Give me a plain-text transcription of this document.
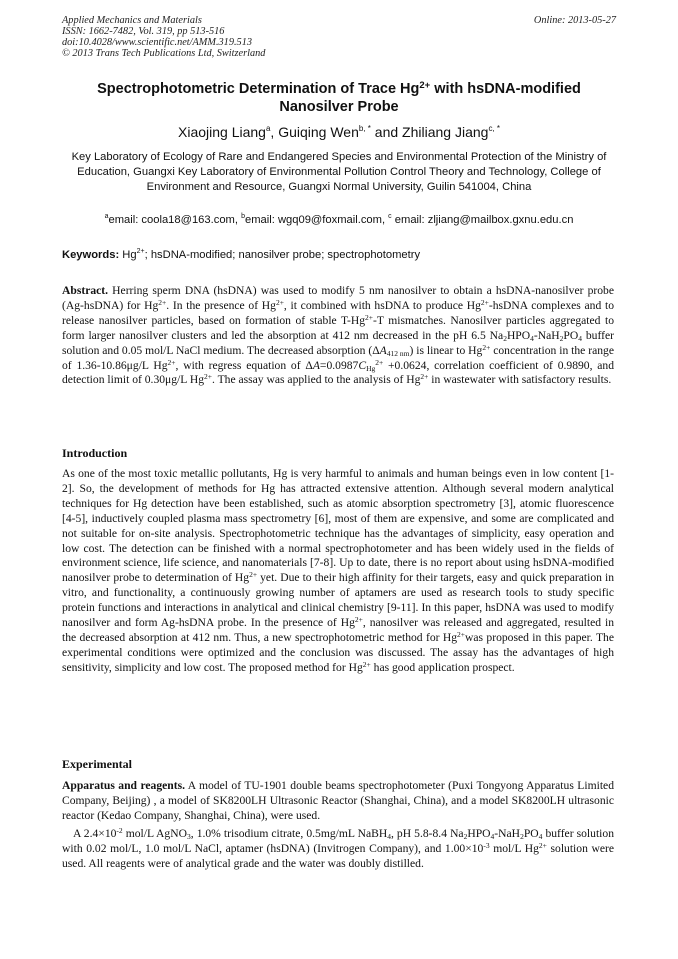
Applied Mechanics and Materials
ISSN: 1662-7482, Vol. 319, pp 513-516
doi:10.4028/www.scientific.net/AMM.319.513
© 2013 Trans Tech Publications Ltd, Switzerland
Online: 2013-05-27
Spectrophotometric Determination of Trace $Hg^{2+}$ with hsDNA-modified
Nanosilver Probe
Xiaojing Liang$^a$, Guiqing Wen$^{b, *}$ and Zhiliang Jiang$^{c, *}$
Key Laboratory of Ecology of Rare and Endangered Species and Environmental Protection of the Ministry of Education, Guangxi Key Laboratory of Environmental Pollution Control Theory and Technology, College of Environment and Resource, Guangxi Normal University, Guilin 541004, China
$^a$email: coola18@163.com, $^b$email: wgq09@foxmail.com, $^c$ email: zljiang@mailbox.gxnu.edu.cn
Keywords: $Hg^{2+}$; hsDNA-modified; nanosilver probe; spectrophotometry
Abstract. Herring sperm DNA (hsDNA) was used to modify 5 nm nanosilver to obtain a hsDNA-nanosilver probe (Ag-hsDNA) for $Hg^{2+}$. In the presence of $Hg^{2+}$, it combined with hsDNA to produce $Hg^{2+}$-hsDNA complexes and to release nanosilver particles, based on formation of stable $T-Hg^{2+}-T$ mismatches. Nanosilver particles aggregated to form larger nanosilver clusters and led the absorption at 412 nm decreased in the pH 6.5 $Na_2HPO_4-NaH_2PO_4$ buffer solution and 0.05 mol/L NaCl medium. The decreased absorption $(\Delta A_{412 nm})$ is linear to $Hg^{2+}$ concentration in the range of 1.36-10.86μg/L $Hg^{2+}$, with regress equation of $\Delta A=0.0987C_{Hg}^{2+} +0.0624$, correlation coefficient of 0.9890, and detection limit of 0.30μg/L $Hg^{2+}$. The assay was applied to the analysis of $Hg^{2+}$ in wastewater with satisfactory results.
Introduction
As one of the most toxic metallic pollutants, Hg is very harmful to animals and human beings even in low content [1-2]. So, the development of methods for Hg has attracted extensive attention. Although several modern analytical techniques for Hg detection have been established, such as atomic absorption spectrometry [3], atomic fluorescence [4-5], inductively coupled plasma mass spectrometry [6], most of them are expensive, and some are complicated and not suitable for on-site analysis. Spectrophotometric technique has the advantages of simplicity, easy operation and low cost. The detection can be finished with a normal spectrophotometer and has been widely used in the fields of environment science, life science, and nanomaterials [7-8]. Up to date, there is no report about using hsDNA-modified nanosilver probe to determination of $Hg^{2+}$ yet. Due to their high affinity for their targets, easy and quick preparation in vitro, and functionality, a continuously growing number of aptamers are used as research tools to study specific protein functions and interactions in analytical and clinical chemistry [9-11]. In this paper, hsDNA was used to modify nanosilver and form Ag-hsDNA probe. In the presence of $Hg^{2+}$, nanosilver was released and aggregated, resulted in the decreased absorption at 412 nm. Thus, a new spectrophotometric method for $Hg^{2+}was$ proposed in this paper. The experimental conditions were optimized and the conclusion was discussed. The assay has the advantages of high sensitivity, simplicity and low cost. The proposed method for $Hg^{2+}$ has good application prospect.
Experimental
Apparatus and reagents. A model of TU-1901 double beams spectrophotometer (Puxi Tongyong Apparatus Limited Company, Beijing) , a model of SK8200LH Ultrasonic Reactor (Shanghai, China), and a model SK8200LH ultrasonic reactor (Kedao Company, Shanghai, China), were used.
A $2.4\times 10^{-2}$ mol/L AgNO$_3$, 1.0% trisodium citrate, 0.5mg/mL NaBH$_4$, pH 5.8-8.4 $Na_2HPO_4-NaH_2PO_4$ buffer solution with 0.02 mol/L, 1.0 mol/L NaCl, aptamer (hsDNA) (Invitrogen Company), and $1.00\times 10^{-3}$ mol/L $Hg^{2+}$ solution were used. All reagents were of analytical grade and the water was doubly distilled.
